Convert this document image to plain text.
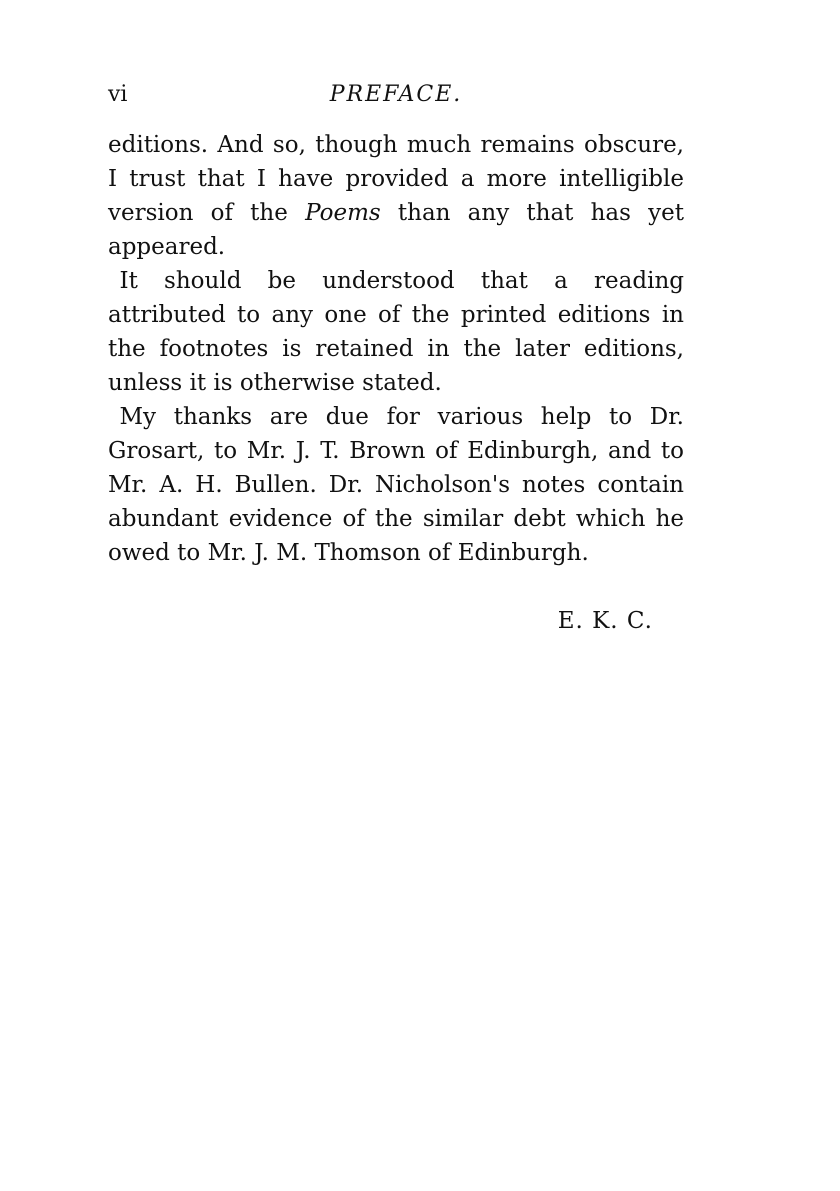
vi	PREFACE.

editions. And so, though much remains obscure, I trust that I have provided a more intelligible version of the Poems than any that has yet appeared.

It should be understood that a reading attributed to any one of the printed editions in the footnotes is retained in the later editions, unless it is otherwise stated.

My thanks are due for various help to Dr. Grosart, to Mr. J. T. Brown of Edinburgh, and to Mr. A. H. Bullen. Dr. Nicholson's notes contain abundant evidence of the similar debt which he owed to Mr. J. M. Thomson of Edinburgh.

E. K. C.
